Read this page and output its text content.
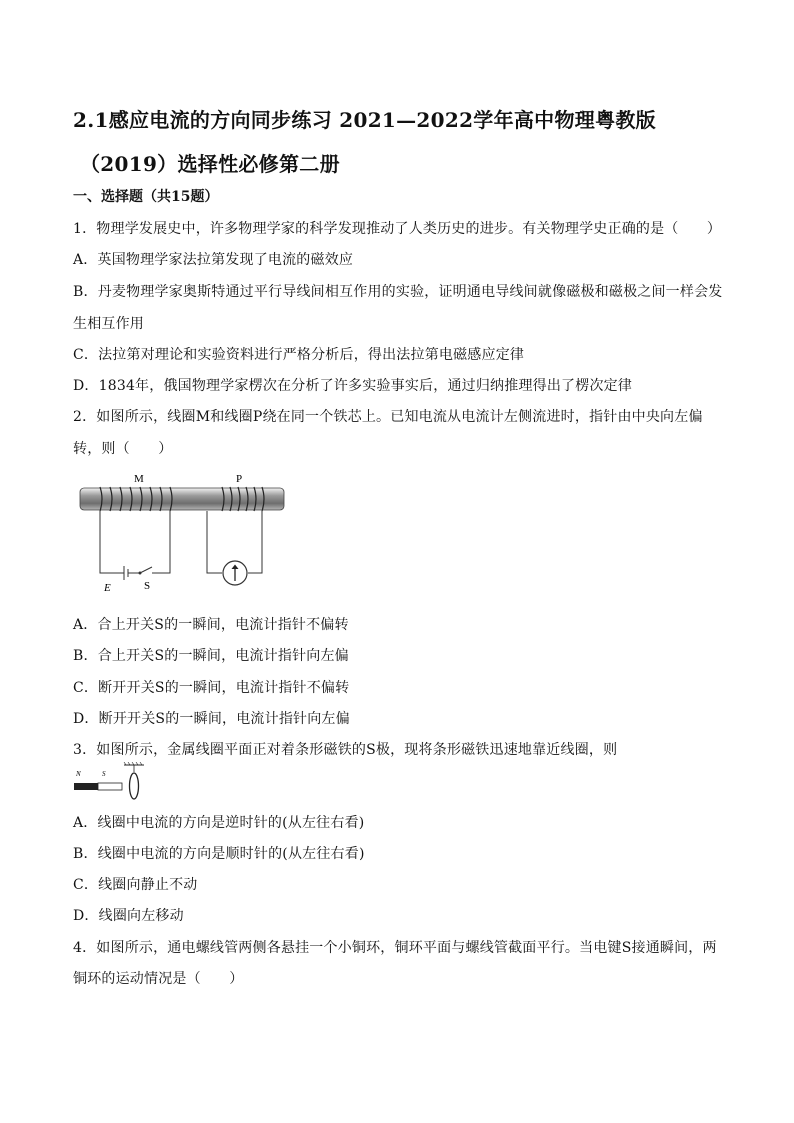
2.1感应电流的方向同步练习 2021—2022学年高中物理粤教版
（2019）选择性必修第二册
一、选择题（共15题）
1．物理学发展史中，许多物理学家的科学发现推动了人类历史的进步。有关物理学史正确的是（　　）
A．英国物理学家法拉第发现了电流的磁效应
B．丹麦物理学家奥斯特通过平行导线间相互作用的实验，证明通电导线间就像磁极和磁极之间一样会发
生相互作用
C．法拉第对理论和实验资料进行严格分析后，得出法拉第电磁感应定律
D．1834年，俄国物理学家楞次在分析了许多实验事实后，通过归纳推理得出了楞次定律
2．如图所示，线圈M和线圈P绕在同一个铁芯上。已知电流从电流计左侧流进时，指针由中央向左偏
转，则（　　）
M	P
E	S
A．合上开关S的一瞬间，电流计指针不偏转
B．合上开关S的一瞬间，电流计指针向左偏
C．断开开关S的一瞬间，电流计指针不偏转
D．断开开关S的一瞬间，电流计指针向左偏
3．如图所示，金属线圈平面正对着条形磁铁的S极，现将条形磁铁迅速地靠近线圈，则
N	S
A．线圈中电流的方向是逆时针的(从左往右看)
B．线圈中电流的方向是顺时针的(从左往右看)
C．线圈向静止不动
D．线圈向左移动
4．如图所示，通电螺线管两侧各悬挂一个小铜环，铜环平面与螺线管截面平行。当电键S接通瞬间，两
铜环的运动情况是（　　）
